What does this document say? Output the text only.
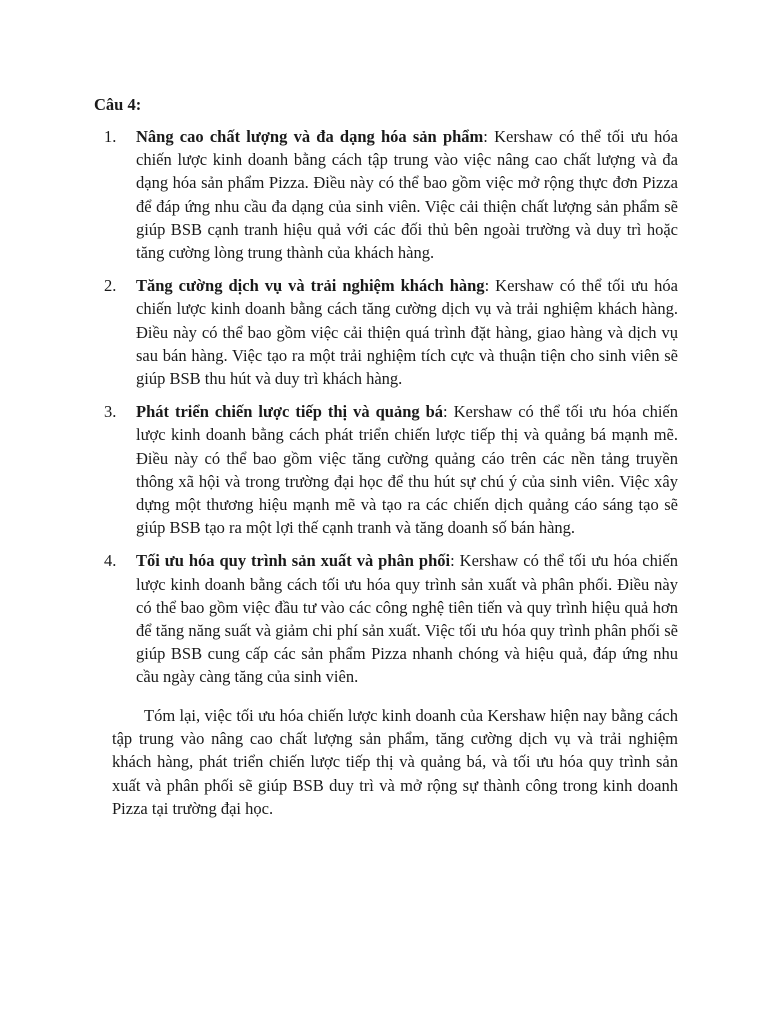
Câu 4:
1.	Nâng cao chất lượng và đa dạng hóa sản phẩm: Kershaw có thể tối ưu hóa chiến lược kinh doanh bằng cách tập trung vào việc nâng cao chất lượng và đa dạng hóa sản phẩm Pizza. Điều này có thể bao gồm việc mở rộng thực đơn Pizza để đáp ứng nhu cầu đa dạng của sinh viên. Việc cải thiện chất lượng sản phẩm sẽ giúp BSB cạnh tranh hiệu quả với các đối thủ bên ngoài trường và duy trì hoặc tăng cường lòng trung thành của khách hàng.
2.	Tăng cường dịch vụ và trải nghiệm khách hàng: Kershaw có thể tối ưu hóa chiến lược kinh doanh bằng cách tăng cường dịch vụ và trải nghiệm khách hàng. Điều này có thể bao gồm việc cải thiện quá trình đặt hàng, giao hàng và dịch vụ sau bán hàng. Việc tạo ra một trải nghiệm tích cực và thuận tiện cho sinh viên sẽ giúp BSB thu hút và duy trì khách hàng.
3.	Phát triển chiến lược tiếp thị và quảng bá: Kershaw có thể tối ưu hóa chiến lược kinh doanh bằng cách phát triển chiến lược tiếp thị và quảng bá mạnh mẽ. Điều này có thể bao gồm việc tăng cường quảng cáo trên các nền tảng truyền thông xã hội và trong trường đại học để thu hút sự chú ý của sinh viên. Việc xây dựng một thương hiệu mạnh mẽ và tạo ra các chiến dịch quảng cáo sáng tạo sẽ giúp BSB tạo ra một lợi thế cạnh tranh và tăng doanh số bán hàng.
4.	Tối ưu hóa quy trình sản xuất và phân phối: Kershaw có thể tối ưu hóa chiến lược kinh doanh bằng cách tối ưu hóa quy trình sản xuất và phân phối. Điều này có thể bao gồm việc đầu tư vào các công nghệ tiên tiến và quy trình hiệu quả hơn để tăng năng suất và giảm chi phí sản xuất. Việc tối ưu hóa quy trình phân phối sẽ giúp BSB cung cấp các sản phẩm Pizza nhanh chóng và hiệu quả, đáp ứng nhu cầu ngày càng tăng của sinh viên.

Tóm lại, việc tối ưu hóa chiến lược kinh doanh của Kershaw hiện nay bằng cách tập trung vào nâng cao chất lượng sản phẩm, tăng cường dịch vụ và trải nghiệm khách hàng, phát triển chiến lược tiếp thị và quảng bá, và tối ưu hóa quy trình sản xuất và phân phối sẽ giúp BSB duy trì và mở rộng sự thành công trong kinh doanh Pizza tại trường đại học.
